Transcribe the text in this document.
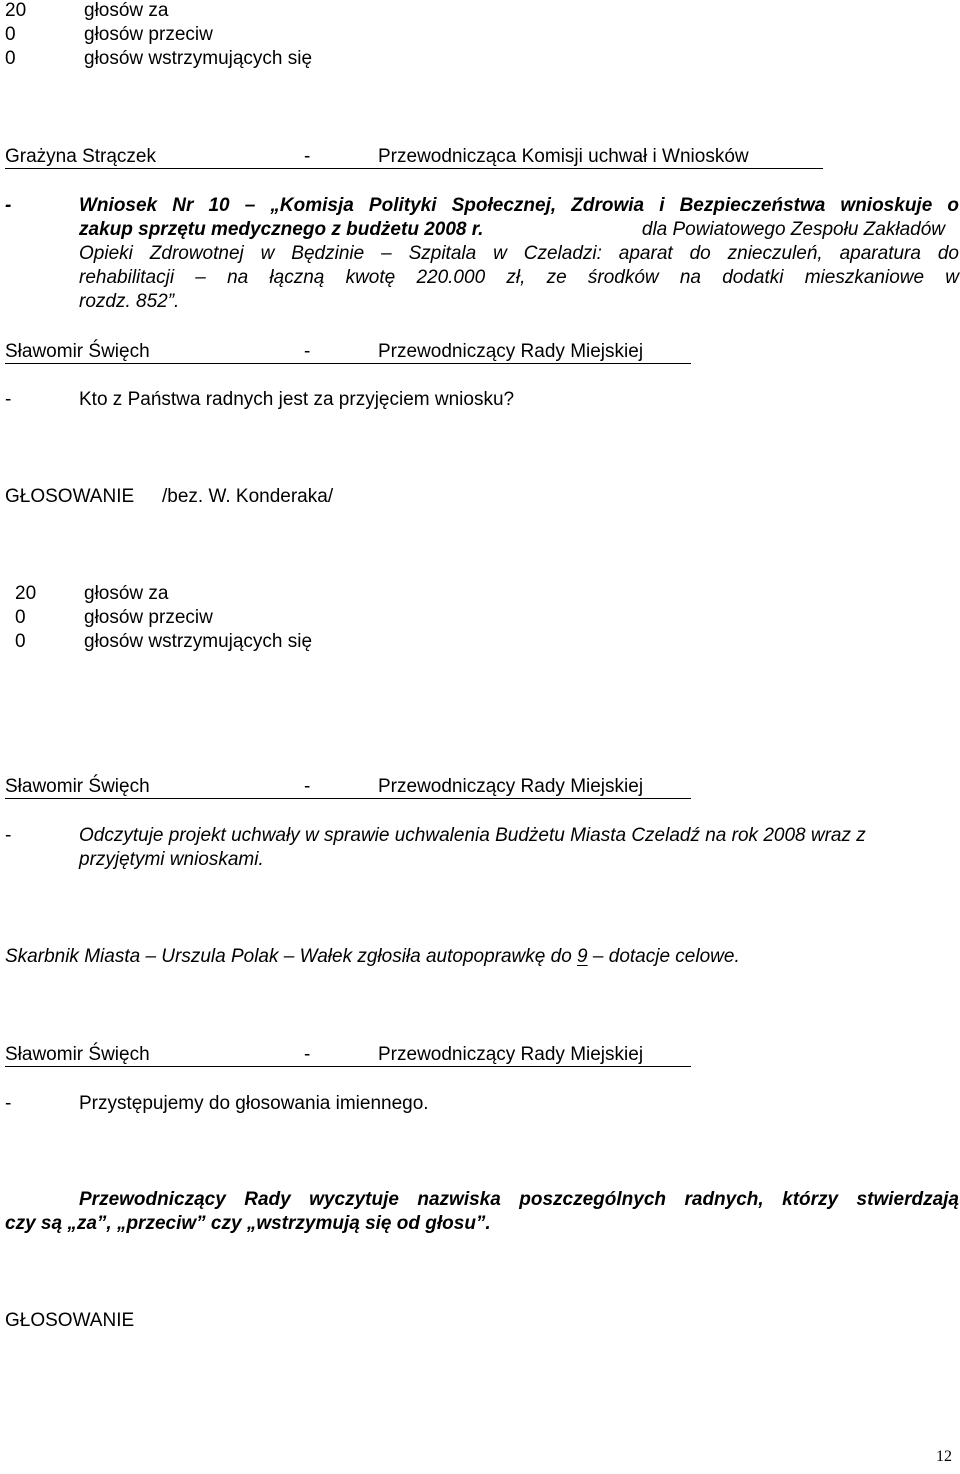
20	głosów za
0	głosów przeciw
0	głosów wstrzymujących się
Grażyna Strączek	-	Przewodnicząca Komisji uchwał i Wniosków
-	Wniosek Nr 10 – „Komisja Polityki Społecznej, Zdrowia i Bezpieczeństwa wnioskuje o
zakup sprzętu medycznego z budżetu 2008 r.	dla Powiatowego Zespołu Zakładów
Opieki Zdrowotnej w Będzinie – Szpitala w Czeladzi: aparat do znieczuleń, aparatura do
rehabilitacji – na łączną kwotę 220.000 zł, ze środków na dodatki mieszkaniowe w
rozdz. 852”.
Sławomir Święch	-	Przewodniczący Rady Miejskiej
-	Kto z Państwa radnych jest za przyjęciem wniosku?
GŁOSOWANIE /bez. W. Konderaka/
20	głosów za
0	głosów przeciw
0	głosów wstrzymujących się
Sławomir Święch	-	Przewodniczący Rady Miejskiej
-	Odczytuje projekt uchwały w sprawie uchwalenia Budżetu Miasta Czeladź na rok 2008 wraz z
przyjętymi wnioskami.
Skarbnik Miasta – Urszula Polak – Wałek zgłosiła autopoprawkę do 9 – dotacje celowe.
Sławomir Święch	-	Przewodniczący Rady Miejskiej
-	Przystępujemy do głosowania imiennego.
Przewodniczący Rady wyczytuje nazwiska poszczególnych radnych, którzy stwierdzają
czy są „za”, „przeciw” czy „wstrzymują się od głosu”.
GŁOSOWANIE
12
